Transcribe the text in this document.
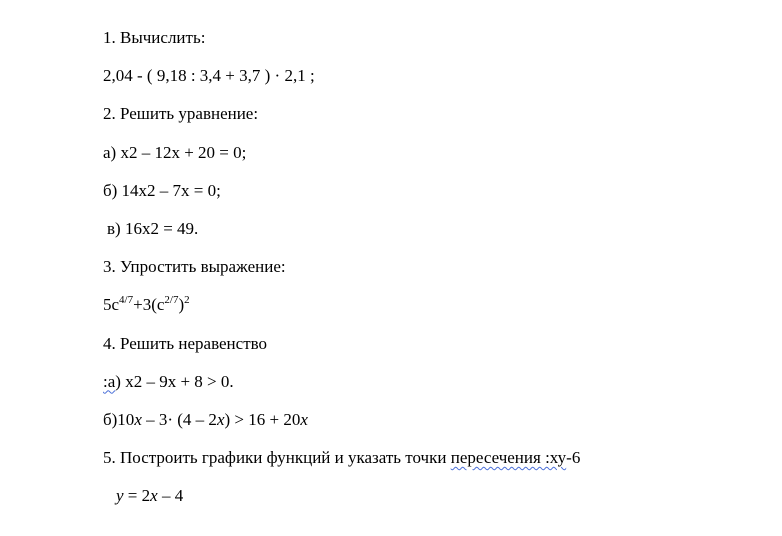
1. Вычислить:
2,04 - ( 9,18 : 3,4 + 3,7 ) · 2,1 ;
2. Решить уравнение:
а) х2 – 12х + 20 = 0;
б) 14х2 – 7х = 0;
в) 16х2 = 49.
3. Упростить выражение:
$5с^{4/7}+3(с^{2/7})^2$
4. Решить неравенство
:а) х2 – 9х + 8 > 0.
б)10x – 3· (4 – 2x) > 16 + 20x
5. Построить графики функций и указать точки пересечения :ху-6
y = 2x – 4
